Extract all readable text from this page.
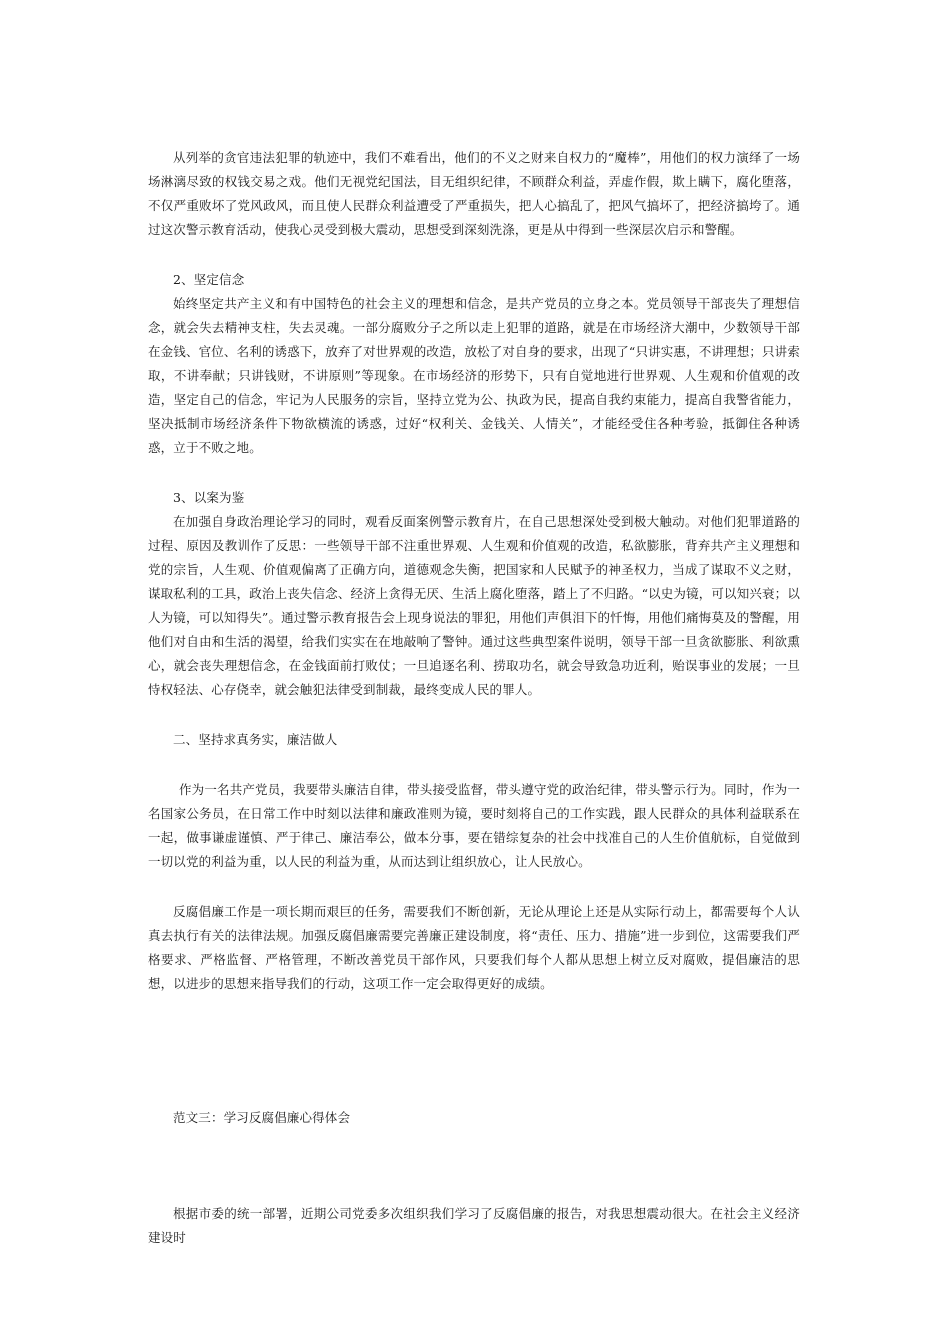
从列举的贪官违法犯罪的轨迹中，我们不难看出，他们的不义之财来自权力的“魔棒”，用他们的权力演绎了一场场淋漓尽致的权钱交易之戏。他们无视党纪国法，目无组织纪律，不顾群众利益，弄虚作假，欺上瞒下，腐化堕落，不仅严重败坏了党风政风，而且使人民群众利益遭受了严重损失，把人心搞乱了，把风气搞坏了，把经济搞垮了。通过这次警示教育活动，使我心灵受到极大震动，思想受到深刻洗涤，更是从中得到一些深层次启示和警醒。

2、坚定信念

始终坚定共产主义和有中国特色的社会主义的理想和信念，是共产党员的立身之本。党员领导干部丧失了理想信念，就会失去精神支柱，失去灵魂。一部分腐败分子之所以走上犯罪的道路，就是在市场经济大潮中，少数领导干部在金钱、官位、名利的诱惑下，放弃了对世界观的改造，放松了对自身的要求，出现了“只讲实惠，不讲理想；只讲索取，不讲奉献；只讲钱财，不讲原则”等现象。在市场经济的形势下，只有自觉地进行世界观、人生观和价值观的改造，坚定自己的信念，牢记为人民服务的宗旨，坚持立党为公、执政为民，提高自我约束能力，提高自我警省能力，坚决抵制市场经济条件下物欲横流的诱惑，过好“权利关、金钱关、人情关”，才能经受住各种考验，抵御住各种诱惑，立于不败之地。

3、以案为鉴

在加强自身政治理论学习的同时，观看反面案例警示教育片，在自己思想深处受到极大触动。对他们犯罪道路的过程、原因及教训作了反思：一些领导干部不注重世界观、人生观和价值观的改造，私欲膨胀，背弃共产主义理想和党的宗旨，人生观、价值观偏离了正确方向，道德观念失衡，把国家和人民赋予的神圣权力，当成了谋取不义之财，谋取私利的工具，政治上丧失信念、经济上贪得无厌、生活上腐化堕落，踏上了不归路。“以史为镜，可以知兴衰；以人为镜，可以知得失”。通过警示教育报告会上现身说法的罪犯，用他们声俱泪下的忏悔，用他们痛悔莫及的警醒，用他们对自由和生活的渴望，给我们实实在在地敲响了警钟。通过这些典型案件说明，领导干部一旦贪欲膨胀、利欲熏心，就会丧失理想信念，在金钱面前打败仗；一旦追逐名利、捞取功名，就会导致急功近利，贻误事业的发展；一旦恃权轻法、心存侥幸，就会触犯法律受到制裁，最终变成人民的罪人。

二、坚持求真务实，廉洁做人

作为一名共产党员，我要带头廉洁自律，带头接受监督，带头遵守党的政治纪律，带头警示行为。同时，作为一名国家公务员，在日常工作中时刻以法律和廉政准则为镜，要时刻将自己的工作实践，跟人民群众的具体利益联系在一起，做事谦虚谨慎、严于律己、廉洁奉公，做本分事，要在错综复杂的社会中找准自己的人生价值航标，自觉做到一切以党的利益为重，以人民的利益为重，从而达到让组织放心，让人民放心。

反腐倡廉工作是一项长期而艰巨的任务，需要我们不断创新，无论从理论上还是从实际行动上，都需要每个人认真去执行有关的法律法规。加强反腐倡廉需要完善廉正建设制度，将“责任、压力、措施”进一步到位，这需要我们严格要求、严格监督、严格管理，不断改善党员干部作风，只要我们每个人都从思想上树立反对腐败，提倡廉洁的思想，以进步的思想来指导我们的行动，这项工作一定会取得更好的成绩。

范文三：学习反腐倡廉心得体会

根据市委的统一部署，近期公司党委多次组织我们学习了反腐倡廉的报告，对我思想震动很大。在社会主义经济建设时
